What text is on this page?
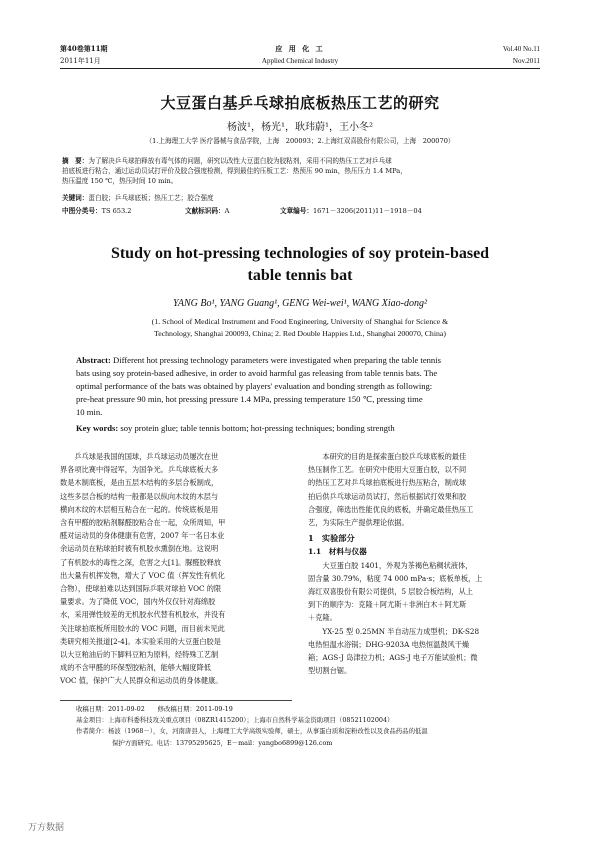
第40卷第11期
2011年11月
应 用 化 工
Applied Chemical Industry
Vol.40 No.11
Nov.2011
大豆蛋白基乒乓球拍底板热压工艺的研究
杨波¹，杨光¹，耿玮蔚¹，王小冬²
（1.上海理工大学 医疗器械与食品学院，上海　200093；2.上海红双喜股份有限公司，上海　200070）

摘　要：为了解决乒乓球拍释放有毒气体的问题，研究以改性大豆蛋白胶为胶粘剂，采用不同的热压工艺对乒乓球

拍底板进行粘合，通过运动员试打评价及胶合强度检测，得到最佳的压板工艺：热预压 90 min，热压压力 1.4 MPa，

热压温度 150 ℃，热压时间 10 min。

关键词：蛋白胶；乒乓球底板；热压工艺；胶合强度
中图分类号：TS 653.2	文献标识码：A	文章编号：1671－3206(2011)11－1918－04
Study on hot-pressing technologies of soy protein-based
table tennis bat
YANG Bo¹, YANG Guang¹, GENG Wei-wei¹, WANG Xiao-dong²
(1. School of Medical Instrument and Food Engineering, University of Shanghai for Science &
Technology, Shanghai 200093, China; 2. Red Double Happies Ltd., Shanghai 200070, China)

Abstract: Different hot pressing technology parameters were investigated when preparing the table tennis

bats using soy protein-based adhesive, in order to avoid harmful gas releasing from table tennis bats. The

optimal performance of the bats was obtained by players' evaluation and bonding strength as following:

pre-heat pressure 90 min, hot pressing pressure 1.4 MPa, pressing temperature 150 ℃, pressing time

10 min.

Key words: soy protein glue; table tennis bottom; hot-pressing techniques; bonding strength

乒乓球是我国的国球，乒乓球运动员屡次在世

界各项比赛中得冠军，为国争光。乒乓球底板大多

数是木制底板，是由五层木结构的多层合板制成，

这些多层合板的结构一般都是以纵向木纹的木层与

横向木纹的木层相互粘合在一起的。传统底板是用

含有甲醛的胶粘剂脲醛胶粘合在一起，众所周知，甲

醛对运动员的身体健康有危害，2007 年一名日本业

余运动员在粘球拍时被有机胶水熏倒在地。这说明

了有机胶水的毒性之深，危害之大[1]。脲醛胶释放

出大量有机挥发物，增大了 VOC 值（挥发性有机化

合物），使球拍难以达到国际乒联对球拍 VOC 的限

量要求。为了降低 VOC，国内外仅仅针对海绵胶

水，采用弹性较差的无机胶水代替有机胶水，并没有

关注球拍底板所用胶水的 VOC 问题，而目前未见此

类研究相关报道[2-4]。本实验采用的大豆蛋白胶是

以大豆粕油后的下脚料豆粕为原料，经特殊工艺制

成的不含甲醛的环保型胶粘剂，能够大幅度降低

VOC 值，保护广大人民群众和运动员的身体健康。

本研究的目的是探索蛋白胶乒乓球底板的最佳

热压制作工艺。在研究中使用大豆蛋白胶，以不同

的热压工艺对乒乓球拍底板进行热压粘合，制成球

拍后供乒乓球运动员试打，然后根据试打效果和胶

合强度，筛选出性能优良的底板，并确定最佳热压工

艺，为实际生产提供理论依据。

1　实验部分

1.1　材料与仪器

大豆蛋白胶 1401，外观为茶褐色粘稠状液体，

固含量 30.79%，粘度 74 000 mPa·s；底板单板，上

海红双喜股份有限公司提供，5 层胶合板结构，从上

到下的顺序为：克隆＋阿尤斯＋非洲白木＋阿尤斯

＋克隆。

YX-25 型 0.25MN 半自动压力成型机；DK-S28

电热恒温水浴锅；DHG-9203A 电热恒温鼓风干燥

箱；AGS-J 岛津拉力机；AGS-J 电子万能试验机；微

型切割台锯。

收稿日期：2011-09-02　　修改稿日期：2011-09-19

基金项目：上海市科委科技攻关重点项目（08ZR1415200）；上海市自然科学基金资助项目（08521102004）

作者简介：杨波（1968－），女，河南唐县人，上海理工大学高级实验师，硕士，从事蛋白质和淀粉改性以及食品药品的低温

保护方面研究。电话：13795295625，E－mail：yangbo6899@126.com

万方数据
